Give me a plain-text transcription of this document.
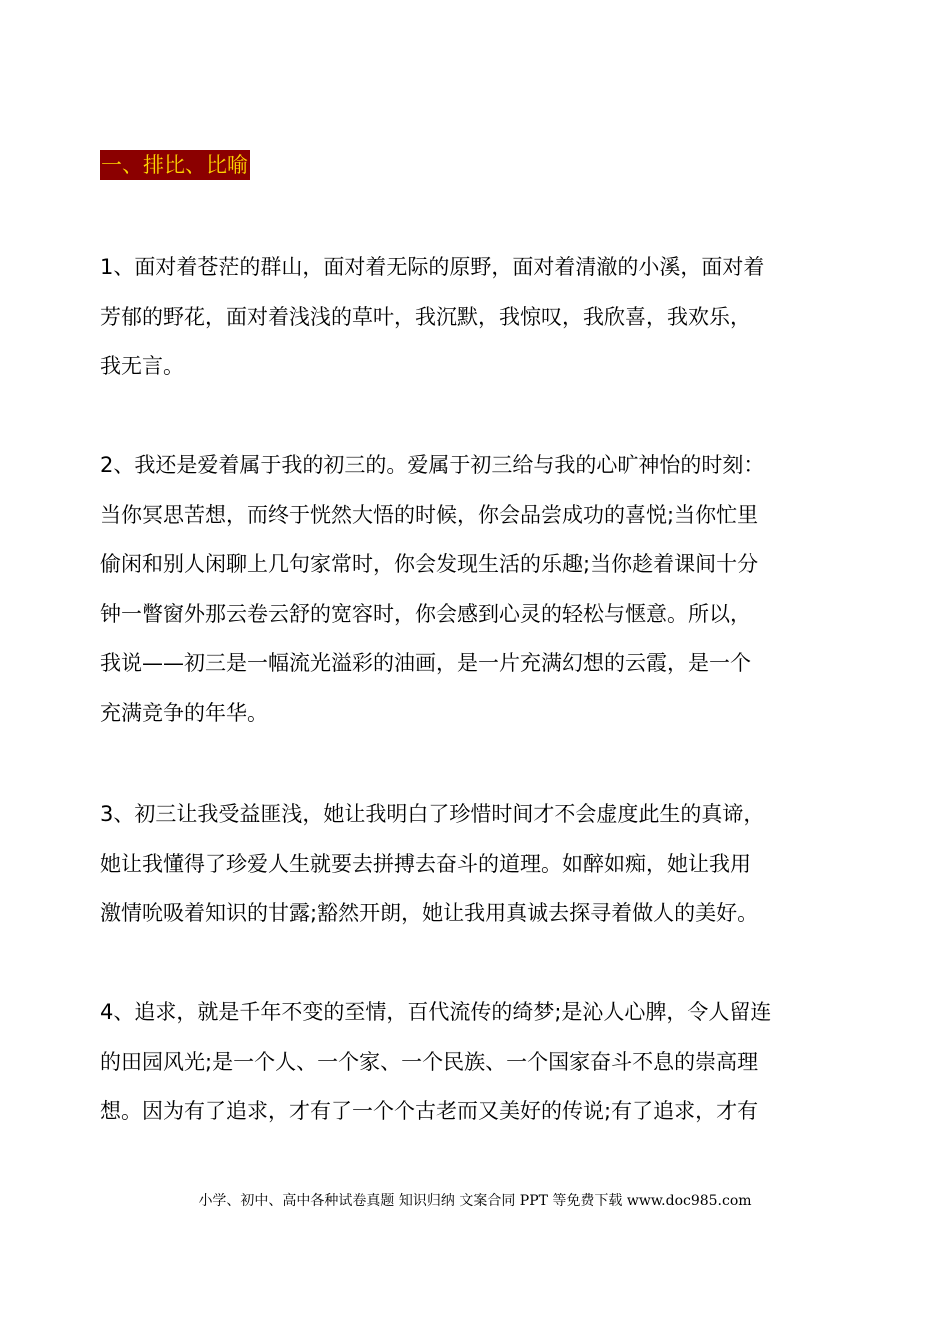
一、排比、比喻

1、面对着苍茫的群山，面对着无际的原野，面对着清澈的小溪，面对着
芳郁的野花，面对着浅浅的草叶，我沉默，我惊叹，我欣喜，我欢乐，
我无言。

2、我还是爱着属于我的初三的。爱属于初三给与我的心旷神怡的时刻：
当你冥思苦想，而终于恍然大悟的时候，你会品尝成功的喜悦;当你忙里
偷闲和别人闲聊上几句家常时，你会发现生活的乐趣;当你趁着课间十分
钟一瞥窗外那云卷云舒的宽容时，你会感到心灵的轻松与惬意。所以，
我说——初三是一幅流光溢彩的油画，是一片充满幻想的云霞，是一个
充满竞争的年华。

3、初三让我受益匪浅，她让我明白了珍惜时间才不会虚度此生的真谛，
她让我懂得了珍爱人生就要去拼搏去奋斗的道理。如醉如痴，她让我用
激情吮吸着知识的甘露;豁然开朗，她让我用真诚去探寻着做人的美好。

4、追求，就是千年不变的至情，百代流传的绮梦;是沁人心脾，令人留连
的田园风光;是一个人、一个家、一个民族、一个国家奋斗不息的崇高理
想。因为有了追求，才有了一个个古老而又美好的传说;有了追求，才有

小学、初中、高中各种试卷真题 知识归纳 文案合同 PPT 等免费下载 www.doc985.com
